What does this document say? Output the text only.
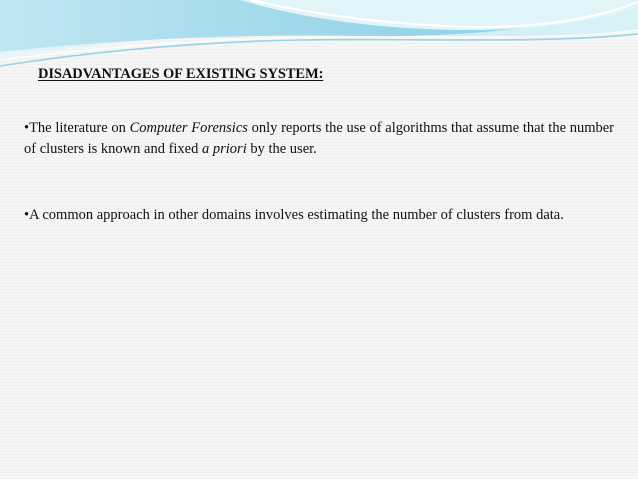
DISADVANTAGES OF EXISTING SYSTEM:

•The literature on Computer Forensics only reports the use of algorithms that assume that the number of clusters is known and fixed a priori by the user.

•A common approach in other domains involves estimating the number of clusters from data.
